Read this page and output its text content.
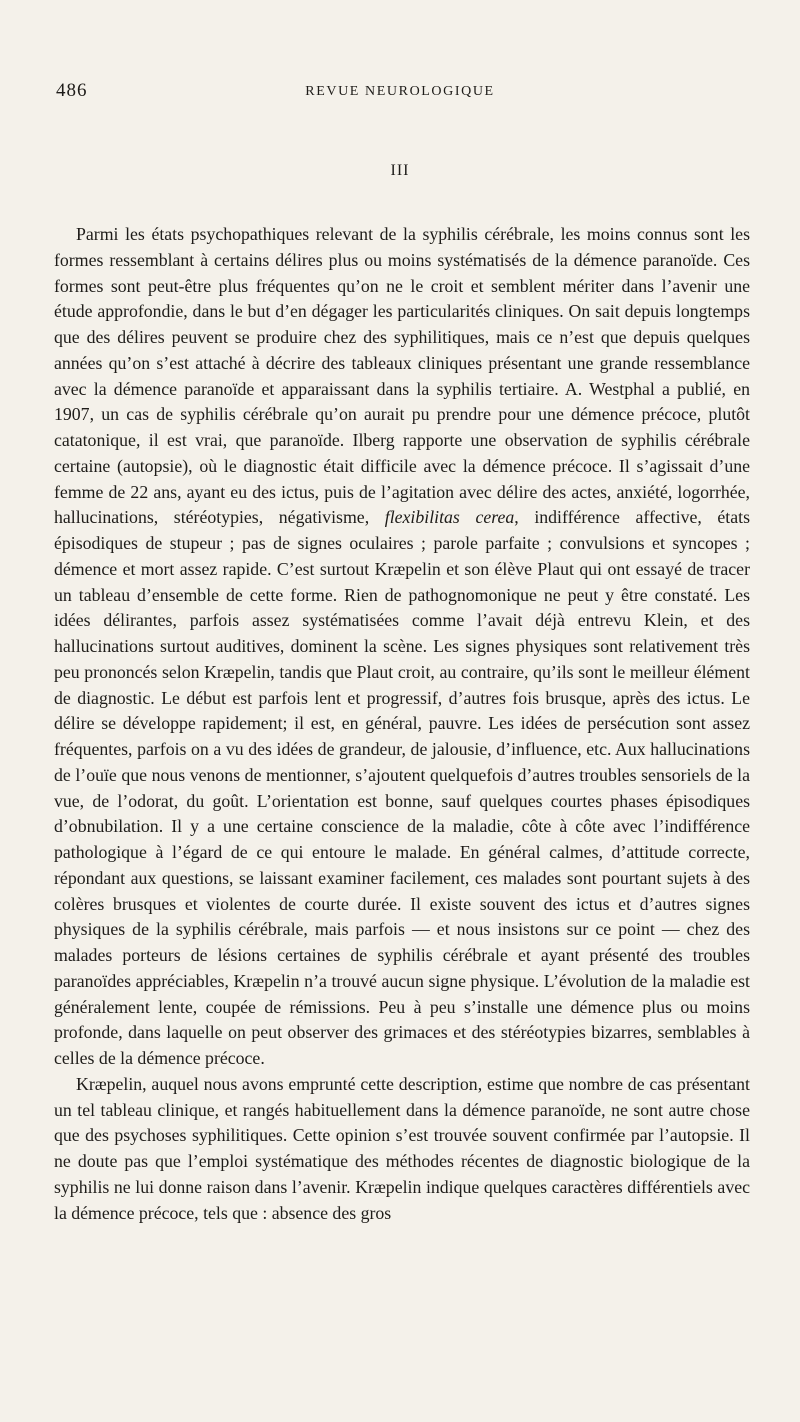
486	REVUE NEUROLOGIQUE
III

Parmi les états psychopathiques relevant de la syphilis cérébrale, les moins connus sont les formes ressemblant à certains délires plus ou moins systématisés de la démence paranoïde. Ces formes sont peut-être plus fréquentes qu’on ne le croit et semblent mériter dans l’avenir une étude approfondie, dans le but d’en dégager les particularités cliniques. On sait depuis longtemps que des délires peuvent se produire chez des syphilitiques, mais ce n’est que depuis quelques années qu’on s’est attaché à décrire des tableaux cliniques présentant une grande ressemblance avec la démence paranoïde et apparaissant dans la syphilis tertiaire. A. Westphal a publié, en 1907, un cas de syphilis cérébrale qu’on aurait pu prendre pour une démence précoce, plutôt catatonique, il est vrai, que paranoïde. Ilberg rapporte une observation de syphilis cérébrale certaine (autopsie), où le diagnostic était difficile avec la démence précoce. Il s’agissait d’une femme de 22 ans, ayant eu des ictus, puis de l’agitation avec délire des actes, anxiété, logorrhée, hallucinations, stéréotypies, négativisme, flexibilitas cerea, indifférence affective, états épisodiques de stupeur ; pas de signes oculaires ; parole parfaite ; convulsions et syncopes ; démence et mort assez rapide. C’est surtout Kræpelin et son élève Plaut qui ont essayé de tracer un tableau d’ensemble de cette forme. Rien de pathognomonique ne peut y être constaté. Les idées délirantes, parfois assez systématisées comme l’avait déjà entrevu Klein, et des hallucinations surtout auditives, dominent la scène. Les signes physiques sont relativement très peu prononcés selon Kræpelin, tandis que Plaut croit, au contraire, qu’ils sont le meilleur élément de diagnostic. Le début est parfois lent et progressif, d’autres fois brusque, après des ictus. Le délire se développe rapidement; il est, en général, pauvre. Les idées de persécution sont assez fréquentes, parfois on a vu des idées de grandeur, de jalousie, d’influence, etc. Aux hallucinations de l’ouïe que nous venons de mentionner, s’ajoutent quelquefois d’autres troubles sensoriels de la vue, de l’odorat, du goût. L’orientation est bonne, sauf quelques courtes phases épisodiques d’obnubilation. Il y a une certaine conscience de la maladie, côte à côte avec l’indifférence pathologique à l’égard de ce qui entoure le malade. En général calmes, d’attitude correcte, répondant aux questions, se laissant examiner facilement, ces malades sont pourtant sujets à des colères brusques et violentes de courte durée. Il existe souvent des ictus et d’autres signes physiques de la syphilis cérébrale, mais parfois — et nous insistons sur ce point — chez des malades porteurs de lésions certaines de syphilis cérébrale et ayant présenté des troubles paranoïdes appréciables, Kræpelin n’a trouvé aucun signe physique. L’évolution de la maladie est généralement lente, coupée de rémissions. Peu à peu s’installe une démence plus ou moins profonde, dans laquelle on peut observer des grimaces et des stéréotypies bizarres, semblables à celles de la démence précoce.

Kræpelin, auquel nous avons emprunté cette description, estime que nombre de cas présentant un tel tableau clinique, et rangés habituellement dans la démence paranoïde, ne sont autre chose que des psychoses syphilitiques. Cette opinion s’est trouvée souvent confirmée par l’autopsie. Il ne doute pas que l’emploi systématique des méthodes récentes de diagnostic biologique de la syphilis ne lui donne raison dans l’avenir. Kræpelin indique quelques caractères différentiels avec la démence précoce, tels que : absence des gros
